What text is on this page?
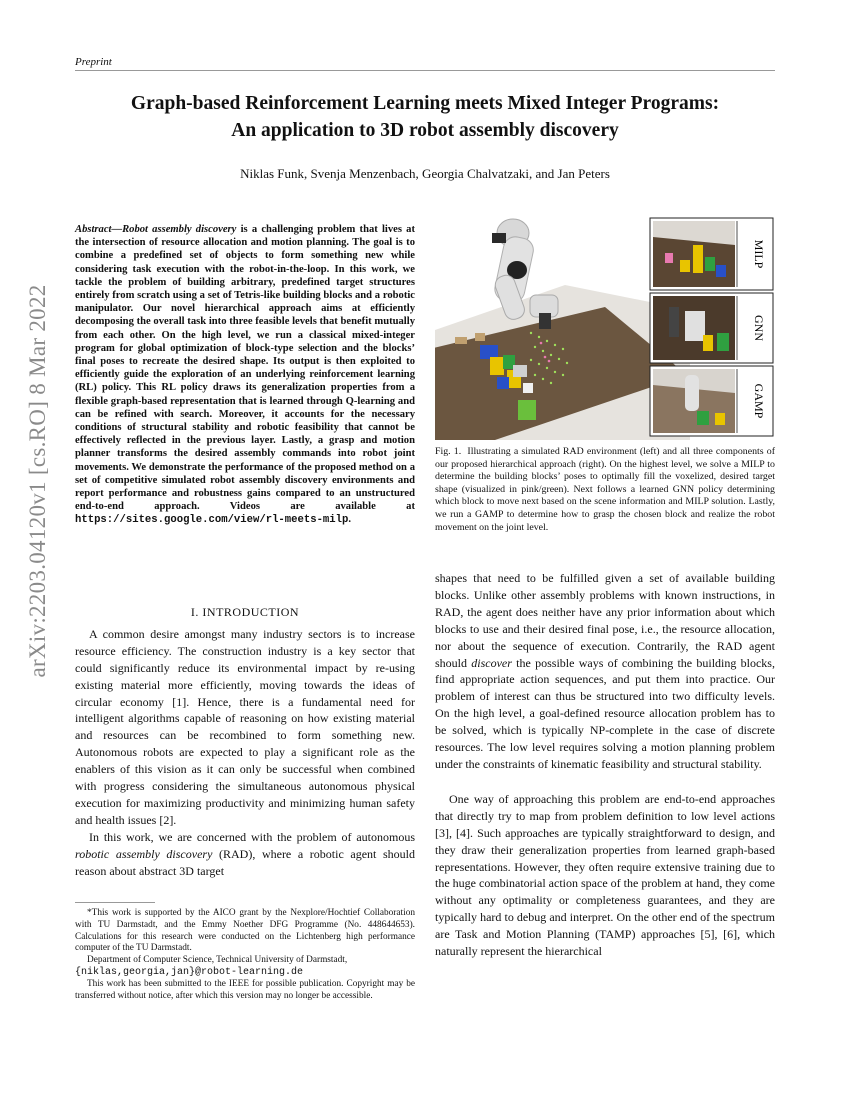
Preprint
arXiv:2203.04120v1 [cs.RO] 8 Mar 2022
Graph-based Reinforcement Learning meets Mixed Integer Programs:
An application to 3D robot assembly discovery
Niklas Funk, Svenja Menzenbach, Georgia Chalvatzaki, and Jan Peters
Abstract—Robot assembly discovery is a challenging problem that lives at the intersection of resource allocation and motion planning. The goal is to combine a predefined set of objects to form something new while considering task execution with the robot-in-the-loop. In this work, we tackle the problem of building arbitrary, predefined target structures entirely from scratch using a set of Tetris-like building blocks and a robotic manipulator. Our novel hierarchical approach aims at efficiently decomposing the overall task into three feasible levels that benefit mutually from each other. On the high level, we run a classical mixed-integer program for global optimization of block-type selection and the blocks’ final poses to recreate the desired shape. Its output is then exploited to efficiently guide the exploration of an underlying reinforcement learning (RL) policy. This RL policy draws its generalization properties from a flexible graph-based representation that is learned through Q-learning and can be refined with search. Moreover, it accounts for the necessary conditions of structural stability and robotic feasibility that cannot be effectively reflected in the previous layer. Lastly, a grasp and motion planner transforms the desired assembly commands into robot joint movements. We demonstrate the performance of the proposed method on a set of competitive simulated robot assembly discovery environments and report performance and robustness gains compared to an unstructured end-to-end approach. Videos are available at https://sites.google.com/view/rl-meets-milp.
I. INTRODUCTION

A common desire amongst many industry sectors is to increase resource efficiency. The construction industry is a key sector that could significantly reduce its environmental impact by re-using existing material more efficiently, moving towards the ideas of circular economy [1]. Hence, there is a fundamental need for intelligent algorithms capable of reasoning on how existing material and resources can be recombined to form something new. Autonomous robots are expected to play a significant role as the enablers of this vision as it can only be successful when combined with progress considering the simultaneous autonomous physical execution for maximizing productivity and minimizing human safety and health issues [2].

In this work, we are concerned with the problem of autonomous robotic assembly discovery (RAD), where a robotic agent should reason about abstract 3D target

*This work is supported by the AICO grant by the Nexplore/Hochtief Collaboration with TU Darmstadt, and the Emmy Noether DFG Programme (No. 448644653). Calculations for this research were conducted on the Lichtenberg high performance computer of the TU Darmstadt.

Department of Computer Science, Technical University of Darmstadt,
{niklas,georgia,jan}@robot-learning.de

This work has been submitted to the IEEE for possible publication. Copyright may be transferred without notice, after which this version may no longer be accessible.

MILP
GNN
GAMP
Fig. 1. Illustrating a simulated RAD environment (left) and all three components of our proposed hierarchical approach (right). On the highest level, we solve a MILP to determine the building blocks’ poses to optimally fill the voxelized, desired target shape (visualized in pink/green). Next follows a learned GNN policy determining which block to move next based on the scene information and MILP solution. Lastly, we run a GAMP to determine how to grasp the chosen block and realize the robot movement on the joint level.

shapes that need to be fulfilled given a set of available building blocks. Unlike other assembly problems with known instructions, in RAD, the agent does neither have any prior information about which blocks to use and their desired final pose, i.e., the resource allocation, nor about the sequence of execution. Contrarily, the RAD agent should discover the possible ways of combining the building blocks, find appropriate action sequences, and put them into practice. Our problem of interest can thus be structured into two difficulty levels. On the high level, a goal-defined resource allocation problem has to be solved, which is typically NP-complete in the case of discrete resources. The low level requires solving a motion planning problem under the constraints of kinematic feasibility and structural stability.

One way of approaching this problem are end-to-end approaches that directly try to map from problem definition to low level actions [3], [4]. Such approaches are typically straightforward to design, and they draw their generalization properties from learned graph-based representations. However, they often require extensive training due to the huge combinatorial action space of the problem at hand, they come without any optimality or completeness guarantees, and they are typically hard to debug and interpret. On the other end of the spectrum are Task and Motion Planning (TAMP) approaches [5], [6], which naturally represent the hierarchical
